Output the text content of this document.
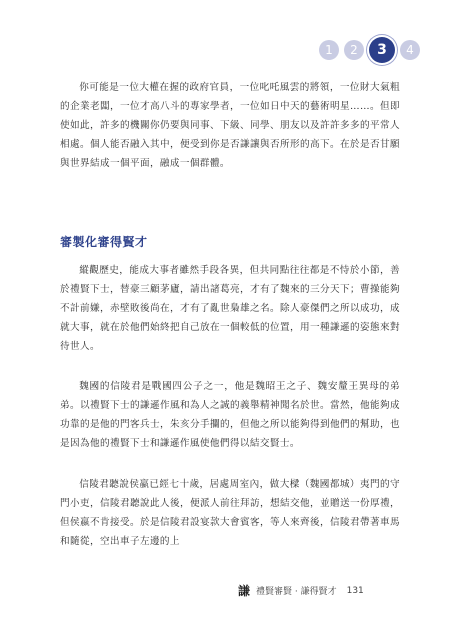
1	2	3	4

你可能是一位大權在握的政府官員，一位叱吒風雲的將領，一位財大氣粗的企業老闆，一位才高八斗的專家學者，一位如日中天的藝術明星……。但即使如此，許多的機關你仍要與同事、下級、同學、朋友以及許許多多的平常人相處。個人能否融入其中，便受到你是否謙讓與否所形的高下。在於是否甘願與世界結成一個平面，融成一個群體。

審製化審得賢才

縱觀歷史，能成大事者雖然手段各異，但共同點往往都是不恃於小節，善於禮賢下士，替豪三顧茅廬，請出諸葛亮，才有了魏來的三分天下；曹操能夠不計前嫌，赤壁敗後尚在，才有了亂世梟雄之名。除人豪傑們之所以成功，成就大事，就在於他們始終把自己放在一個較低的位置，用一種謙遜的姿態來對待世人。

魏國的信陵君是戰國四公子之一，他是魏昭王之子、魏安釐王異母的弟弟。以禮賢下士的謙遜作風和為人之誠的義舉精神聞名於世。當然，他能夠成功靠的是他的門客兵士，朱亥分手攔的，但他之所以能夠得到他們的幫助，也是因為他的禮賢下士和謙遜作風使他們得以結交賢士。

信陵君聽說侯嬴已經七十歲，居處周室內，做大樑（魏國都城）夷門的守門小吏，信陵君聽說此人後，便派人前往拜訪，想結交他，並贈送一份厚禮，但侯嬴不肯接受。於是信陵君設宴款大會賓客，等人來齊後，信陵君帶著車馬和隨從，空出車子左邊的上

謙 禮賢審賢 · 謙得賢才 131
